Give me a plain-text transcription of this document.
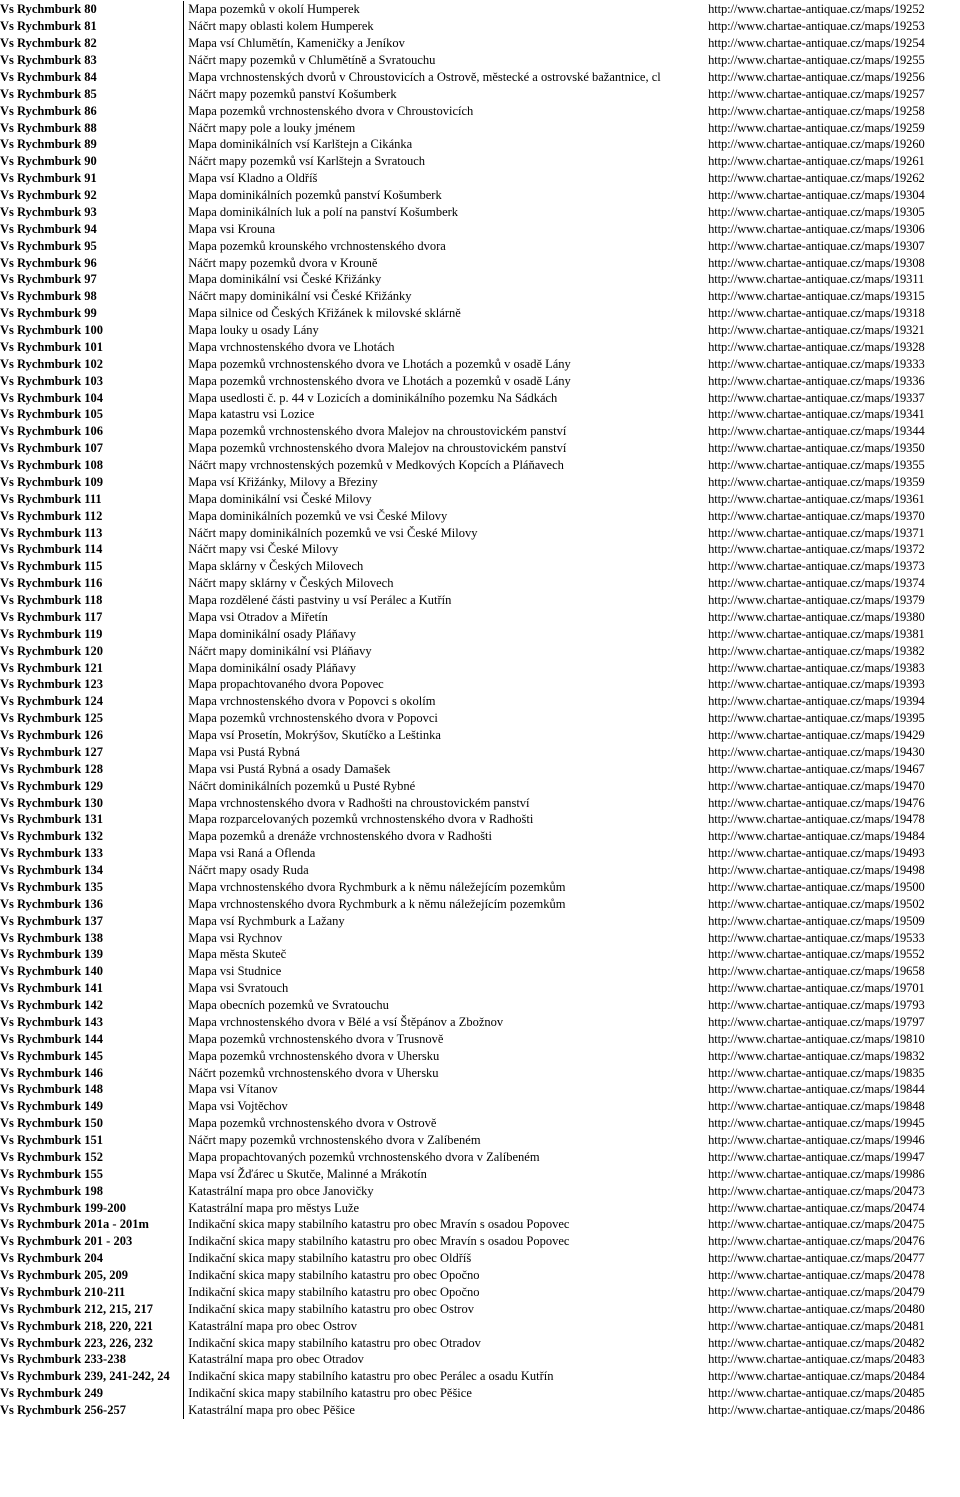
Vs Rychmburk 80	Mapa pozemků v okolí Humperek	http://www.chartae-antiquae.cz/maps/19252
Vs Rychmburk 81	Náčrt mapy oblasti kolem Humperek	http://www.chartae-antiquae.cz/maps/19253
Vs Rychmburk 82	Mapa vsí Chlumětín, Kameničky a Jeníkov	http://www.chartae-antiquae.cz/maps/19254
Vs Rychmburk 83	Náčrt mapy pozemků v Chlumětíně a Svratouchu	http://www.chartae-antiquae.cz/maps/19255
Vs Rychmburk 84	Mapa vrchnostenských dvorů v Chroustovicích a Ostrově, městecké a ostrovské bažantnice, cl	http://www.chartae-antiquae.cz/maps/19256
Vs Rychmburk 85	Náčrt mapy pozemků panství Košumberk	http://www.chartae-antiquae.cz/maps/19257
Vs Rychmburk 86	Mapa pozemků vrchnostenského dvora v Chroustovicích	http://www.chartae-antiquae.cz/maps/19258
Vs Rychmburk 88	Náčrt mapy pole a louky jménem	http://www.chartae-antiquae.cz/maps/19259
Vs Rychmburk 89	Mapa dominikálních vsí Karlštejn a Cikánka	http://www.chartae-antiquae.cz/maps/19260
Vs Rychmburk 90	Náčrt mapy pozemků vsí Karlštejn a Svratouch	http://www.chartae-antiquae.cz/maps/19261
Vs Rychmburk 91	Mapa vsí Kladno a Oldříš	http://www.chartae-antiquae.cz/maps/19262
Vs Rychmburk 92	Mapa dominikálních pozemků panství Košumberk	http://www.chartae-antiquae.cz/maps/19304
Vs Rychmburk 93	Mapa dominikálních luk a polí na panství Košumberk	http://www.chartae-antiquae.cz/maps/19305
Vs Rychmburk 94	Mapa vsi Krouna	http://www.chartae-antiquae.cz/maps/19306
Vs Rychmburk 95	Mapa pozemků krounského vrchnostenského dvora	http://www.chartae-antiquae.cz/maps/19307
Vs Rychmburk 96	Náčrt mapy pozemků dvora v Krouně	http://www.chartae-antiquae.cz/maps/19308
Vs Rychmburk 97	Mapa dominikální vsi České Křižánky	http://www.chartae-antiquae.cz/maps/19311
Vs Rychmburk 98	Náčrt mapy dominikální vsi České Křižánky	http://www.chartae-antiquae.cz/maps/19315
Vs Rychmburk 99	Mapa silnice od Českých Křižánek k milovské sklárně	http://www.chartae-antiquae.cz/maps/19318
Vs Rychmburk 100	Mapa louky u osady Lány	http://www.chartae-antiquae.cz/maps/19321
Vs Rychmburk 101	Mapa vrchnostenského dvora ve Lhotách	http://www.chartae-antiquae.cz/maps/19328
Vs Rychmburk 102	Mapa pozemků vrchnostenského dvora ve Lhotách a pozemků v osadě Lány	http://www.chartae-antiquae.cz/maps/19333
Vs Rychmburk 103	Mapa pozemků vrchnostenského dvora ve Lhotách a pozemků v osadě Lány	http://www.chartae-antiquae.cz/maps/19336
Vs Rychmburk 104	Mapa usedlosti č. p. 44 v Lozicích a dominikálního pozemku Na Sádkách	http://www.chartae-antiquae.cz/maps/19337
Vs Rychmburk 105	Mapa katastru vsi Lozice	http://www.chartae-antiquae.cz/maps/19341
Vs Rychmburk 106	Mapa pozemků vrchnostenského dvora Malejov na chroustovickém panství	http://www.chartae-antiquae.cz/maps/19344
Vs Rychmburk 107	Mapa pozemků vrchnostenského dvora Malejov na chroustovickém panství	http://www.chartae-antiquae.cz/maps/19350
Vs Rychmburk 108	Náčrt mapy vrchnostenských pozemků v Medkových Kopcích a Pláňavech	http://www.chartae-antiquae.cz/maps/19355
Vs Rychmburk 109	Mapa vsí Křižánky, Milovy a Březiny	http://www.chartae-antiquae.cz/maps/19359
Vs Rychmburk 111	Mapa dominikální vsi České Milovy	http://www.chartae-antiquae.cz/maps/19361
Vs Rychmburk 112	Mapa dominikálních pozemků ve vsi České Milovy	http://www.chartae-antiquae.cz/maps/19370
Vs Rychmburk 113	Náčrt mapy dominikálních pozemků ve vsi České Milovy	http://www.chartae-antiquae.cz/maps/19371
Vs Rychmburk 114	Náčrt mapy vsi České Milovy	http://www.chartae-antiquae.cz/maps/19372
Vs Rychmburk 115	Mapa sklárny v Českých Milovech	http://www.chartae-antiquae.cz/maps/19373
Vs Rychmburk 116	Náčrt mapy sklárny v Českých Milovech	http://www.chartae-antiquae.cz/maps/19374
Vs Rychmburk 118	Mapa rozdělené části pastviny u vsí Perálec a Kutřín	http://www.chartae-antiquae.cz/maps/19379
Vs Rychmburk 117	Mapa vsi Otradov a Miřetín	http://www.chartae-antiquae.cz/maps/19380
Vs Rychmburk 119	Mapa dominikální osady Pláňavy	http://www.chartae-antiquae.cz/maps/19381
Vs Rychmburk 120	Náčrt mapy dominikální vsi Pláňavy	http://www.chartae-antiquae.cz/maps/19382
Vs Rychmburk 121	Mapa dominikální osady Pláňavy	http://www.chartae-antiquae.cz/maps/19383
Vs Rychmburk 123	Mapa propachtovaného dvora Popovec	http://www.chartae-antiquae.cz/maps/19393
Vs Rychmburk 124	Mapa vrchnostenského dvora v Popovci s okolím	http://www.chartae-antiquae.cz/maps/19394
Vs Rychmburk 125	Mapa pozemků vrchnostenského dvora v Popovci	http://www.chartae-antiquae.cz/maps/19395
Vs Rychmburk 126	Mapa vsí Prosetín, Mokrýšov, Skutíčko a Leštinka	http://www.chartae-antiquae.cz/maps/19429
Vs Rychmburk 127	Mapa vsi Pustá Rybná	http://www.chartae-antiquae.cz/maps/19430
Vs Rychmburk 128	Mapa vsi Pustá Rybná a osady Damašek	http://www.chartae-antiquae.cz/maps/19467
Vs Rychmburk 129	Náčrt dominikálních pozemků u Pusté Rybné	http://www.chartae-antiquae.cz/maps/19470
Vs Rychmburk 130	Mapa vrchnostenského dvora v Radhošti na chroustovickém panství	http://www.chartae-antiquae.cz/maps/19476
Vs Rychmburk 131	Mapa rozparcelovaných pozemků vrchnostenského dvora v Radhošti	http://www.chartae-antiquae.cz/maps/19478
Vs Rychmburk 132	Mapa pozemků a drenáže vrchnostenského dvora v Radhošti	http://www.chartae-antiquae.cz/maps/19484
Vs Rychmburk 133	Mapa vsi Raná a Oflenda	http://www.chartae-antiquae.cz/maps/19493
Vs Rychmburk 134	Náčrt mapy osady Ruda	http://www.chartae-antiquae.cz/maps/19498
Vs Rychmburk 135	Mapa vrchnostenského dvora Rychmburk a k němu náležejícím pozemkům	http://www.chartae-antiquae.cz/maps/19500
Vs Rychmburk 136	Mapa vrchnostenského dvora Rychmburk a k němu náležejícím pozemkům	http://www.chartae-antiquae.cz/maps/19502
Vs Rychmburk 137	Mapa vsí Rychmburk a Lažany	http://www.chartae-antiquae.cz/maps/19509
Vs Rychmburk 138	Mapa vsi Rychnov	http://www.chartae-antiquae.cz/maps/19533
Vs Rychmburk 139	Mapa města Skuteč	http://www.chartae-antiquae.cz/maps/19552
Vs Rychmburk 140	Mapa vsi Studnice	http://www.chartae-antiquae.cz/maps/19658
Vs Rychmburk 141	Mapa vsi Svratouch	http://www.chartae-antiquae.cz/maps/19701
Vs Rychmburk 142	Mapa obecních pozemků ve Svratouchu	http://www.chartae-antiquae.cz/maps/19793
Vs Rychmburk 143	Mapa vrchnostenského dvora v Bělé a vsí Štěpánov a Zbožnov	http://www.chartae-antiquae.cz/maps/19797
Vs Rychmburk 144	Mapa pozemků vrchnostenského dvora v Trusnově	http://www.chartae-antiquae.cz/maps/19810
Vs Rychmburk 145	Mapa pozemků vrchnostenského dvora v Uhersku	http://www.chartae-antiquae.cz/maps/19832
Vs Rychmburk 146	Náčrt pozemků vrchnostenského dvora v Uhersku	http://www.chartae-antiquae.cz/maps/19835
Vs Rychmburk 148	Mapa vsi Vítanov	http://www.chartae-antiquae.cz/maps/19844
Vs Rychmburk 149	Mapa vsi Vojtěchov	http://www.chartae-antiquae.cz/maps/19848
Vs Rychmburk 150	Mapa pozemků vrchnostenského dvora v Ostrově	http://www.chartae-antiquae.cz/maps/19945
Vs Rychmburk 151	Náčrt mapy pozemků vrchnostenského dvora v Zalíbeném	http://www.chartae-antiquae.cz/maps/19946
Vs Rychmburk 152	Mapa propachtovaných pozemků vrchnostenského dvora v Zalíbeném	http://www.chartae-antiquae.cz/maps/19947
Vs Rychmburk 155	Mapa vsí Žďárec u Skutče, Malinné a Mrákotín	http://www.chartae-antiquae.cz/maps/19986
Vs Rychmburk 198	Katastrální mapa pro obce Janovičky	http://www.chartae-antiquae.cz/maps/20473
Vs Rychmburk 199-200	Katastrální mapa pro městys Luže	http://www.chartae-antiquae.cz/maps/20474
Vs Rychmburk 201a - 201m	Indikační skica mapy stabilního katastru pro obec Mravín s osadou Popovec	http://www.chartae-antiquae.cz/maps/20475
Vs Rychmburk 201 - 203	Indikační skica mapy stabilního katastru pro obec Mravín s osadou Popovec	http://www.chartae-antiquae.cz/maps/20476
Vs Rychmburk 204	Indikační skica mapy stabilního katastru pro obec Oldříš	http://www.chartae-antiquae.cz/maps/20477
Vs Rychmburk 205, 209	Indikační skica mapy stabilního katastru pro obec Opočno	http://www.chartae-antiquae.cz/maps/20478
Vs Rychmburk 210-211	Indikační skica mapy stabilního katastru pro obec Opočno	http://www.chartae-antiquae.cz/maps/20479
Vs Rychmburk 212, 215, 217	Indikační skica mapy stabilního katastru pro obec Ostrov	http://www.chartae-antiquae.cz/maps/20480
Vs Rychmburk 218, 220, 221	Katastrální mapa pro obec Ostrov	http://www.chartae-antiquae.cz/maps/20481
Vs Rychmburk 223, 226, 232	Indikační skica mapy stabilního katastru pro obec Otradov	http://www.chartae-antiquae.cz/maps/20482
Vs Rychmburk 233-238	Katastrální mapa pro obec Otradov	http://www.chartae-antiquae.cz/maps/20483
Vs Rychmburk 239, 241-242, 24	Indikační skica mapy stabilního katastru pro obec Perálec a osadu Kutřín	http://www.chartae-antiquae.cz/maps/20484
Vs Rychmburk 249	Indikační skica mapy stabilního katastru pro obec Pěšice	http://www.chartae-antiquae.cz/maps/20485
Vs Rychmburk 256-257	Katastrální mapa pro obec Pěšice	http://www.chartae-antiquae.cz/maps/20486
